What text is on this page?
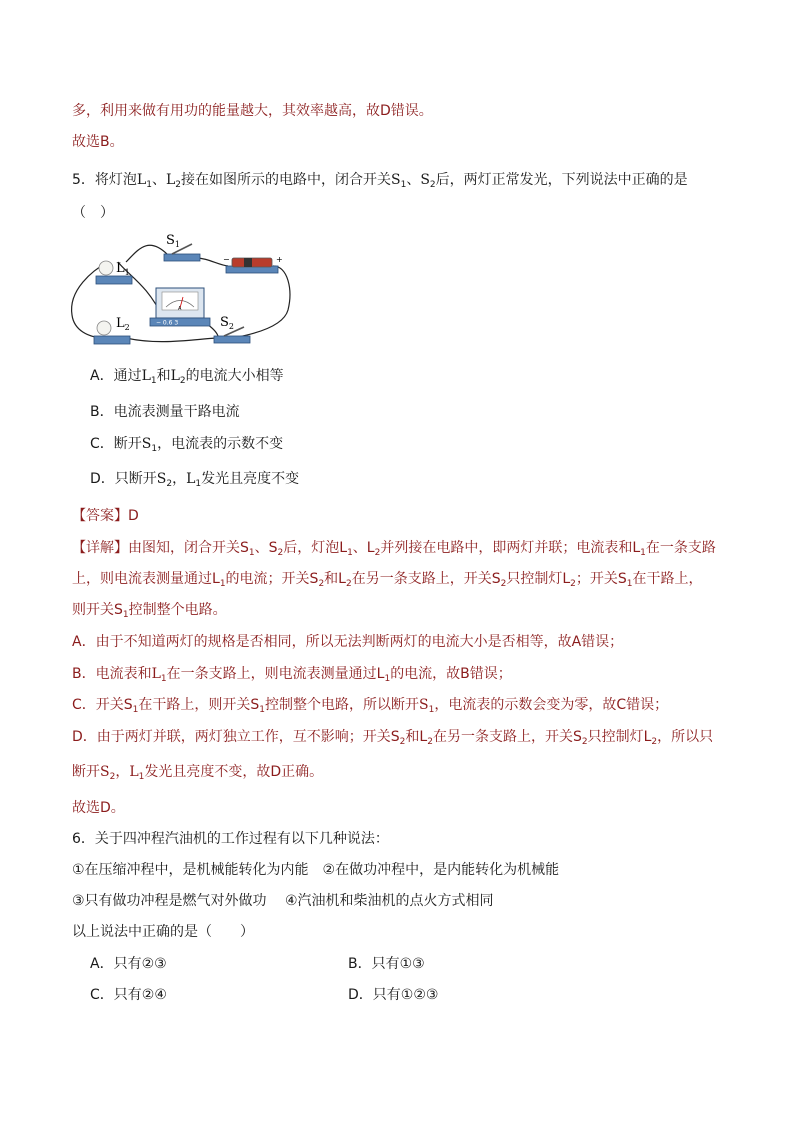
多，利用来做有用功的能量越大，其效率越高，故D错误。
故选B。
5．将灯泡$L_1$、$L_2$接在如图所示的电路中，闭合开关$S_1$、$S_2$后，两灯正常发光，下列说法中正确的是
（　）
$L_1$
$S_1$
−	+
A
− 0.6 3
$L_2$	$S_2$
A．通过$L_1$和$L_2$的电流大小相等
B．电流表测量干路电流
C．断开$S_1$，电流表的示数不变
D．只断开$S_2$，$L_1$发光且亮度不变
【答案】D
【详解】由图知，闭合开关$S_1$、$S_2$后，灯泡$L_1$、$L_2$并列接在电路中，即两灯并联；电流表和$L_1$在一条支路
上，则电流表测量通过$L_1$的电流；开关$S_2$和$L_2$在另一条支路上，开关$S_2$只控制灯$L_2$；开关$S_1$在干路上，
则开关$S_1$控制整个电路。
A．由于不知道两灯的规格是否相同，所以无法判断两灯的电流大小是否相等，故A错误；
B．电流表和$L_1$在一条支路上，则电流表测量通过$L_1$的电流，故B错误；
C．开关$S_1$在干路上，则开关$S_1$控制整个电路，所以断开$S_1$，电流表的示数会变为零，故C错误；
D．由于两灯并联，两灯独立工作，互不影响；开关$S_2$和$L_2$在另一条支路上，开关$S_2$只控制灯$L_2$，所以只
断开$S_2$，$L_1$发光且亮度不变，故D正确。
故选D。
6．关于四冲程汽油机的工作过程有以下几种说法：
①在压缩冲程中，是机械能转化为内能　②在做功冲程中，是内能转化为机械能
③只有做功冲程是燃气对外做功　 ④汽油机和柴油机的点火方式相同
以上说法中正确的是（　　）
A．只有②③	B．只有①③
C．只有②④	D．只有①②③
